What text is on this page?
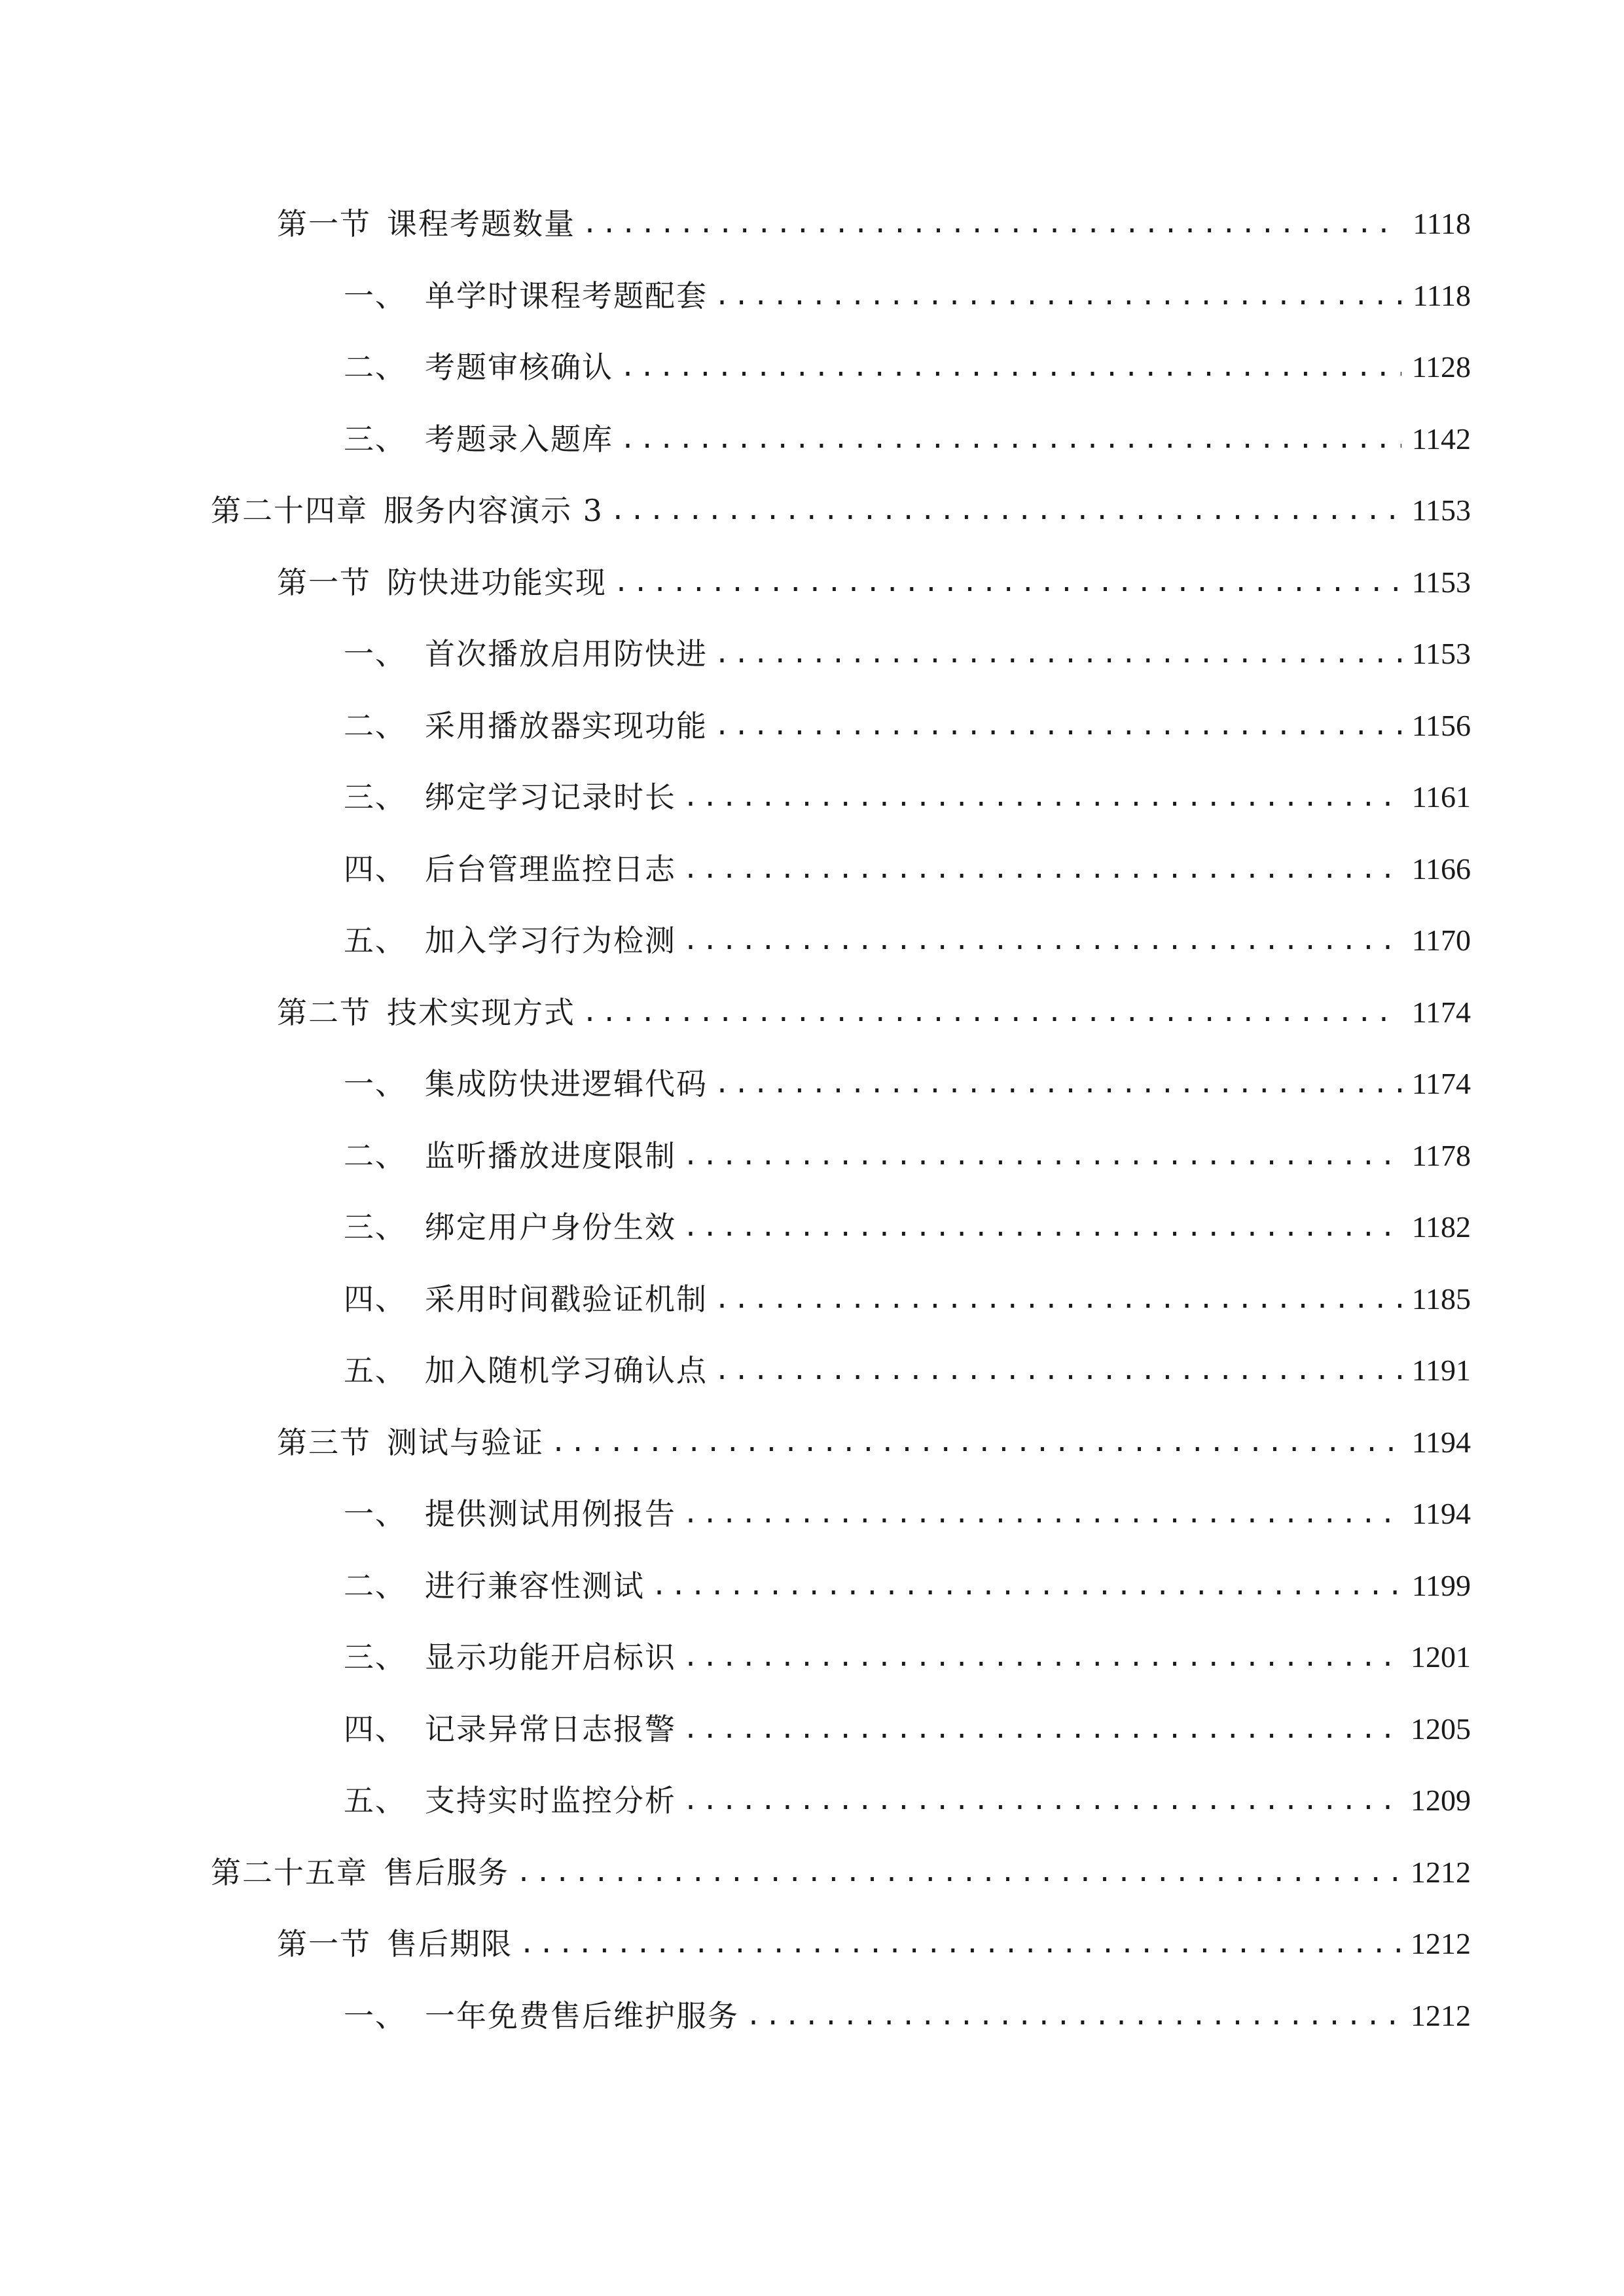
第一节 课程考题数量 .....	1118
一、 单学时课程考题配套 .....	1118
二、 考题审核确认 .....	1128
三、 考题录入题库 .....	1142
第二十四章 服务内容演示 3 .....	1153
第一节 防快进功能实现 .....	1153
一、 首次播放启用防快进 .....	1153
二、 采用播放器实现功能 .....	1156
三、 绑定学习记录时长 .....	1161
四、 后台管理监控日志 .....	1166
五、 加入学习行为检测 .....	1170
第二节 技术实现方式 .....	1174
一、 集成防快进逻辑代码 .....	1174
二、 监听播放进度限制 .....	1178
三、 绑定用户身份生效 .....	1182
四、 采用时间戳验证机制 .....	1185
五、 加入随机学习确认点 .....	1191
第三节 测试与验证 .....	1194
一、 提供测试用例报告 .....	1194
二、 进行兼容性测试 .....	1199
三、 显示功能开启标识 .....	1201
四、 记录异常日志报警 .....	1205
五、 支持实时监控分析 .....	1209
第二十五章 售后服务 .....	1212
第一节 售后期限 .....	1212
一、 一年免费售后维护服务 .....	1212
